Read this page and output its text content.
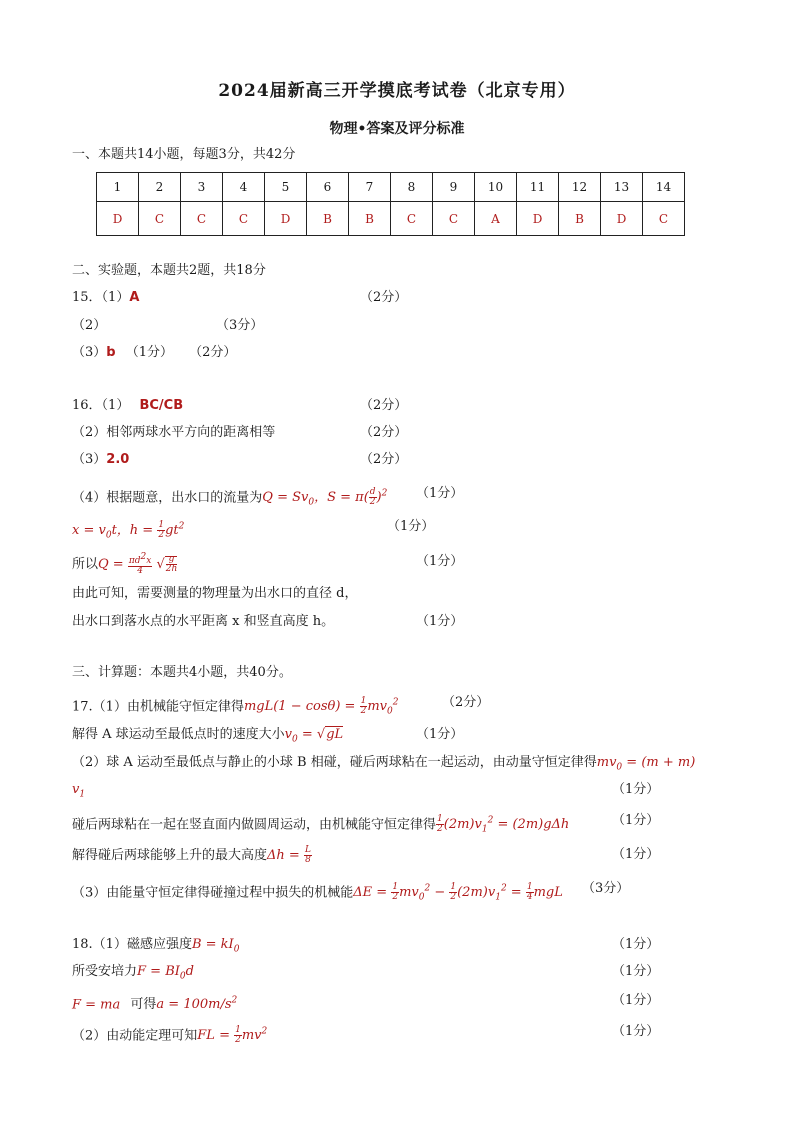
2024届新高三开学摸底考试卷（北京专用）
物理•答案及评分标准
一、本题共14小题，每题3分，共42分
1	2	3	4	5	6	7	8	9	10	11	12	13	14
D	C	C	C	D	B	B	C	C	A	D	B	D	C
二、实验题，本题共2题，共18分
15．（1）A	（2分）
（2）	（3分）
（3）b （1分） （2分）
16．（1） BC/CB	（2分）
（2）相邻两球水平方向的距离相等	（2分）
（3）2.0	（2分）
（4）根据题意，出水口的流量为$Q = Sv_0$，$S = \pi( \frac{d}{2} )^2$ （1分）
$x = v_0t$，$h = \frac{1}{2} gt^2$	（1分）
所以$Q = \frac{\pi d^2x}{4}$ √ $\frac{g}{2h}$	（1分）
由此可知，需要测量的物理量为出水口的直径 d，
出水口到落水点的水平距离 x 和竖直高度 h。	（1分）
三、计算题：本题共4小题，共40分。
17.（1）由机械能守恒定律得$mgL(1 - \cos\theta) = \frac{1}{2} mv_0^2$	（2分）
解得 A 球运动至最低点时的速度大小$v_0 = √gL$	（1分）
（2）球 A 运动至最低点与静止的小球 B 相碰，碰后两球粘在一起运动，由动量守恒定律得$mv_0 = (m + m)$
$v_1$	（1分）
碰后两球粘在一起在竖直面内做圆周运动，由机械能守恒定律得 $\frac{1}{2} (2m)v_1^2 = (2m)g\Delta h$	（1分）
解得碰后两球能够上升的最大高度$\Delta h = \frac{L}{8}$	（1分）
（3）由能量守恒定律得碰撞过程中损失的机械能$\Delta E = \frac{1}{2} mv_0^2 - \frac{1}{2} (2m)v_1^2 = \frac{1}{4}$ mgL （3分）
18.（1）磁感应强度$B = kI_0$	（1分）
所受安培力$F = BI_0d$	（1分）
F = ma 可得$a = 100m/s^2$	（1分）
（2）由动能定理可知FL = $\frac{1}{2} mv^2$	（1分）
